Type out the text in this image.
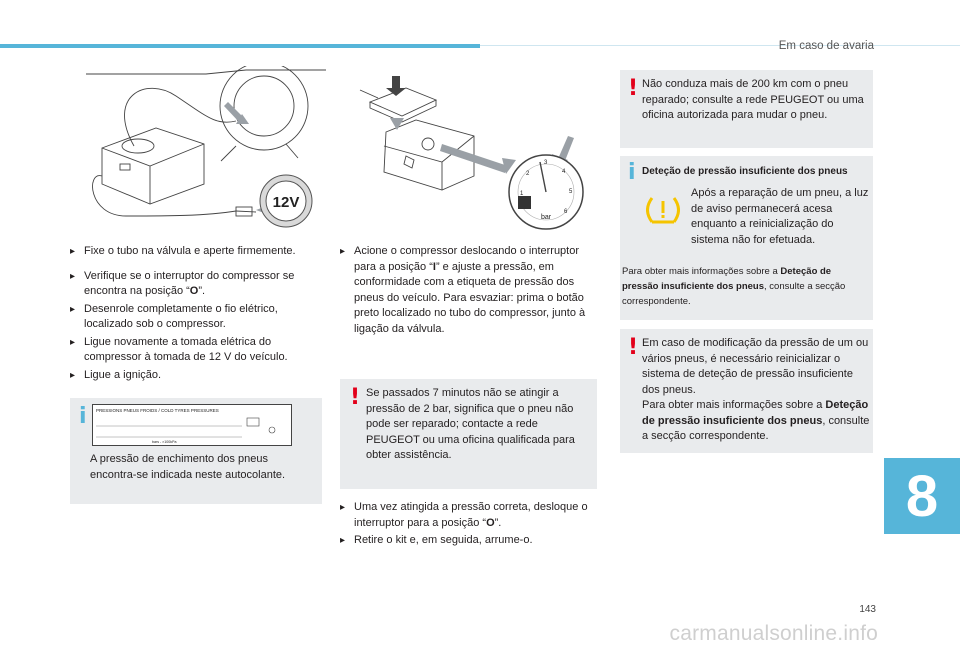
Em caso de avaria
12V	1
2
3
4
5
6
bar
▸ Fixe o tubo na válvula e aperte firmemente.
▸ Verifique se o interruptor do compressor se encontra na posição “O”.
▸ Desenrole completamente o fio elétrico, localizado sob o compressor.
▸ Ligue novamente a tomada elétrica do compressor à tomada de 12 V do veículo.
▸ Ligue a ignição.
i PRESSIONS PNEUS FROIDS / COLD TYRES PRESSURES
bars - ×100kPa
A pressão de enchimento dos pneus encontra-se indicada neste autocolante.
▸ Acione o compressor deslocando o interruptor para a posição “I” e ajuste a pressão, em conformidade com a etiqueta de pressão dos pneus do veículo. Para esvaziar: prima o botão preto localizado no tubo do compressor, junto à ligação da válvula.
! Se passados 7 minutos não se atingir a pressão de 2 bar, significa que o pneu não pode ser reparado; contacte a rede PEUGEOT ou uma oficina qualificada para obter assistência.
▸ Uma vez atingida a pressão correta, desloque o interruptor para a posição “O”.
▸ Retire o kit e, em seguida, arrume-o.
! Não conduza mais de 200 km com o pneu reparado; consulte a rede PEUGEOT ou uma oficina autorizada para mudar o pneu.
i Deteção de pressão insuficiente dos pneus
Após a reparação de um pneu, a luz de aviso permanecerá acesa enquanto a reinicialização do sistema não for efetuada.
Para obter mais informações sobre a Deteção de pressão insuficiente dos pneus, consulte a secção correspondente.
! Em caso de modificação da pressão de um ou vários pneus, é necessário reinicializar o sistema de deteção de pressão insuficiente dos pneus.
Para obter mais informações sobre a Deteção de pressão insuficiente dos pneus, consulte a secção correspondente.
8
143
carmanualsonline.info
